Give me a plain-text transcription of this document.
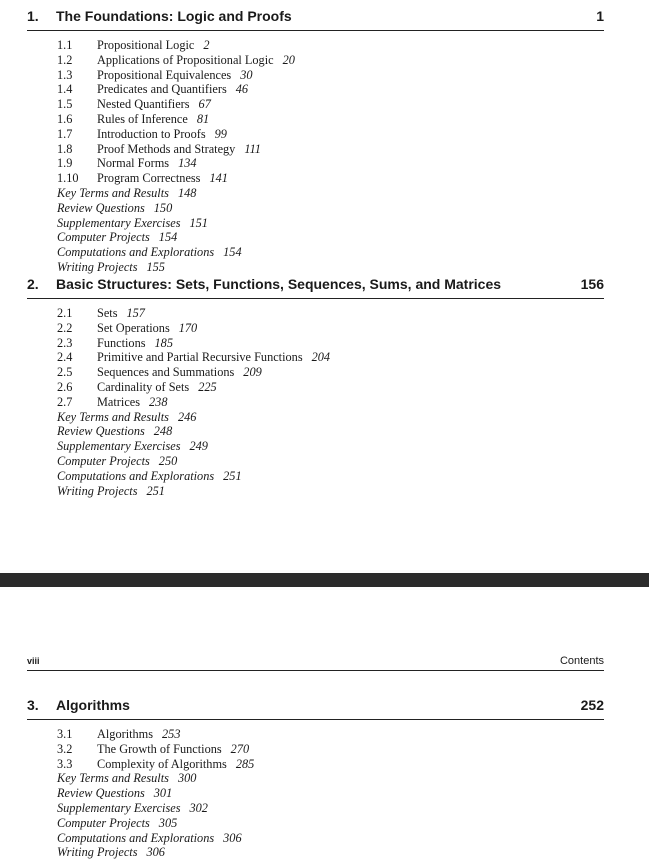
1. The Foundations: Logic and Proofs	1
1.1 Propositional Logic 2
1.2 Applications of Propositional Logic 20
1.3 Propositional Equivalences 30
1.4 Predicates and Quantifiers 46
1.5 Nested Quantifiers 67
1.6 Rules of Inference 81
1.7 Introduction to Proofs 99
1.8 Proof Methods and Strategy 111
1.9 Normal Forms 134
1.10 Program Correctness 141
Key Terms and Results 148
Review Questions 150
Supplementary Exercises 151
Computer Projects 154
Computations and Explorations 154
Writing Projects 155
2. Basic Structures: Sets, Functions, Sequences, Sums, and Matrices	156
2.1 Sets 157
2.2 Set Operations 170
2.3 Functions 185
2.4 Primitive and Partial Recursive Functions 204
2.5 Sequences and Summations 209
2.6 Cardinality of Sets 225
2.7 Matrices 238
Key Terms and Results 246
Review Questions 248
Supplementary Exercises 249
Computer Projects 250
Computations and Explorations 251
Writing Projects 251
viii	Contents
3. Algorithms	252
3.1 Algorithms 253
3.2 The Growth of Functions 270
3.3 Complexity of Algorithms 285
Key Terms and Results 300
Review Questions 301
Supplementary Exercises 302
Computer Projects 305
Computations and Explorations 306
Writing Projects 306
